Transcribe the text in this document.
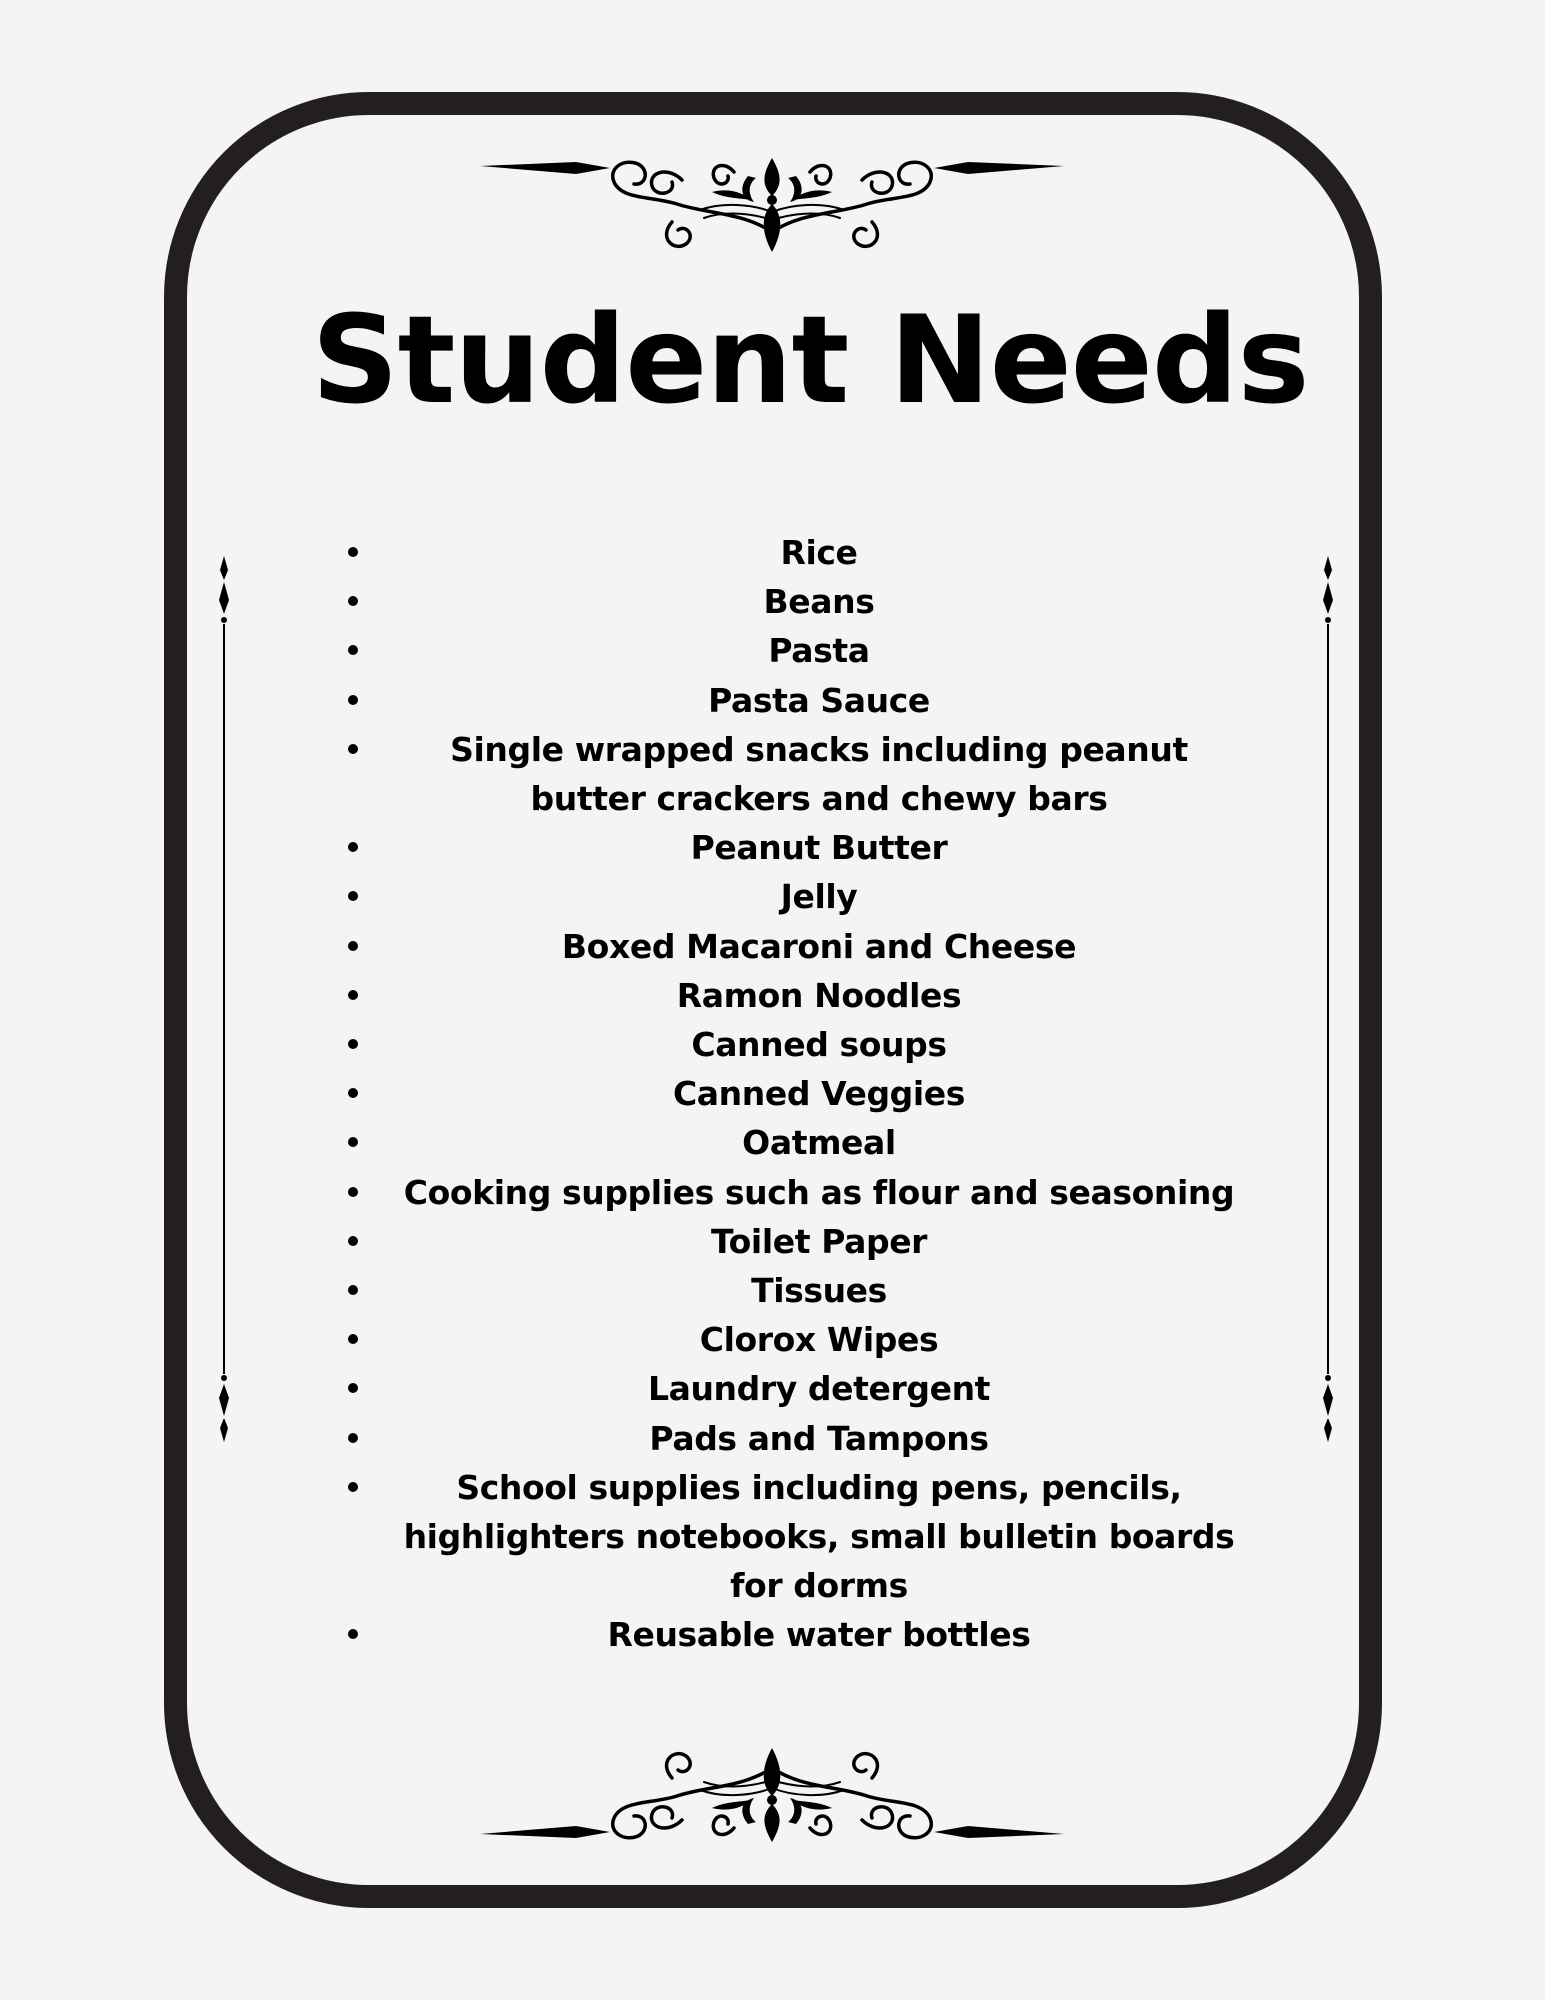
Student Needs
Rice
Beans
Pasta
Pasta Sauce
Single wrapped snacks including peanut butter crackers and chewy bars
Peanut Butter
Jelly
Boxed Macaroni and Cheese
Ramon Noodles
Canned soups
Canned Veggies
Oatmeal
Cooking supplies such as flour and seasoning
Toilet Paper
Tissues
Clorox Wipes
Laundry detergent
Pads and Tampons
School supplies including pens, pencils, highlighters notebooks, small bulletin boards for dorms
Reusable water bottles
